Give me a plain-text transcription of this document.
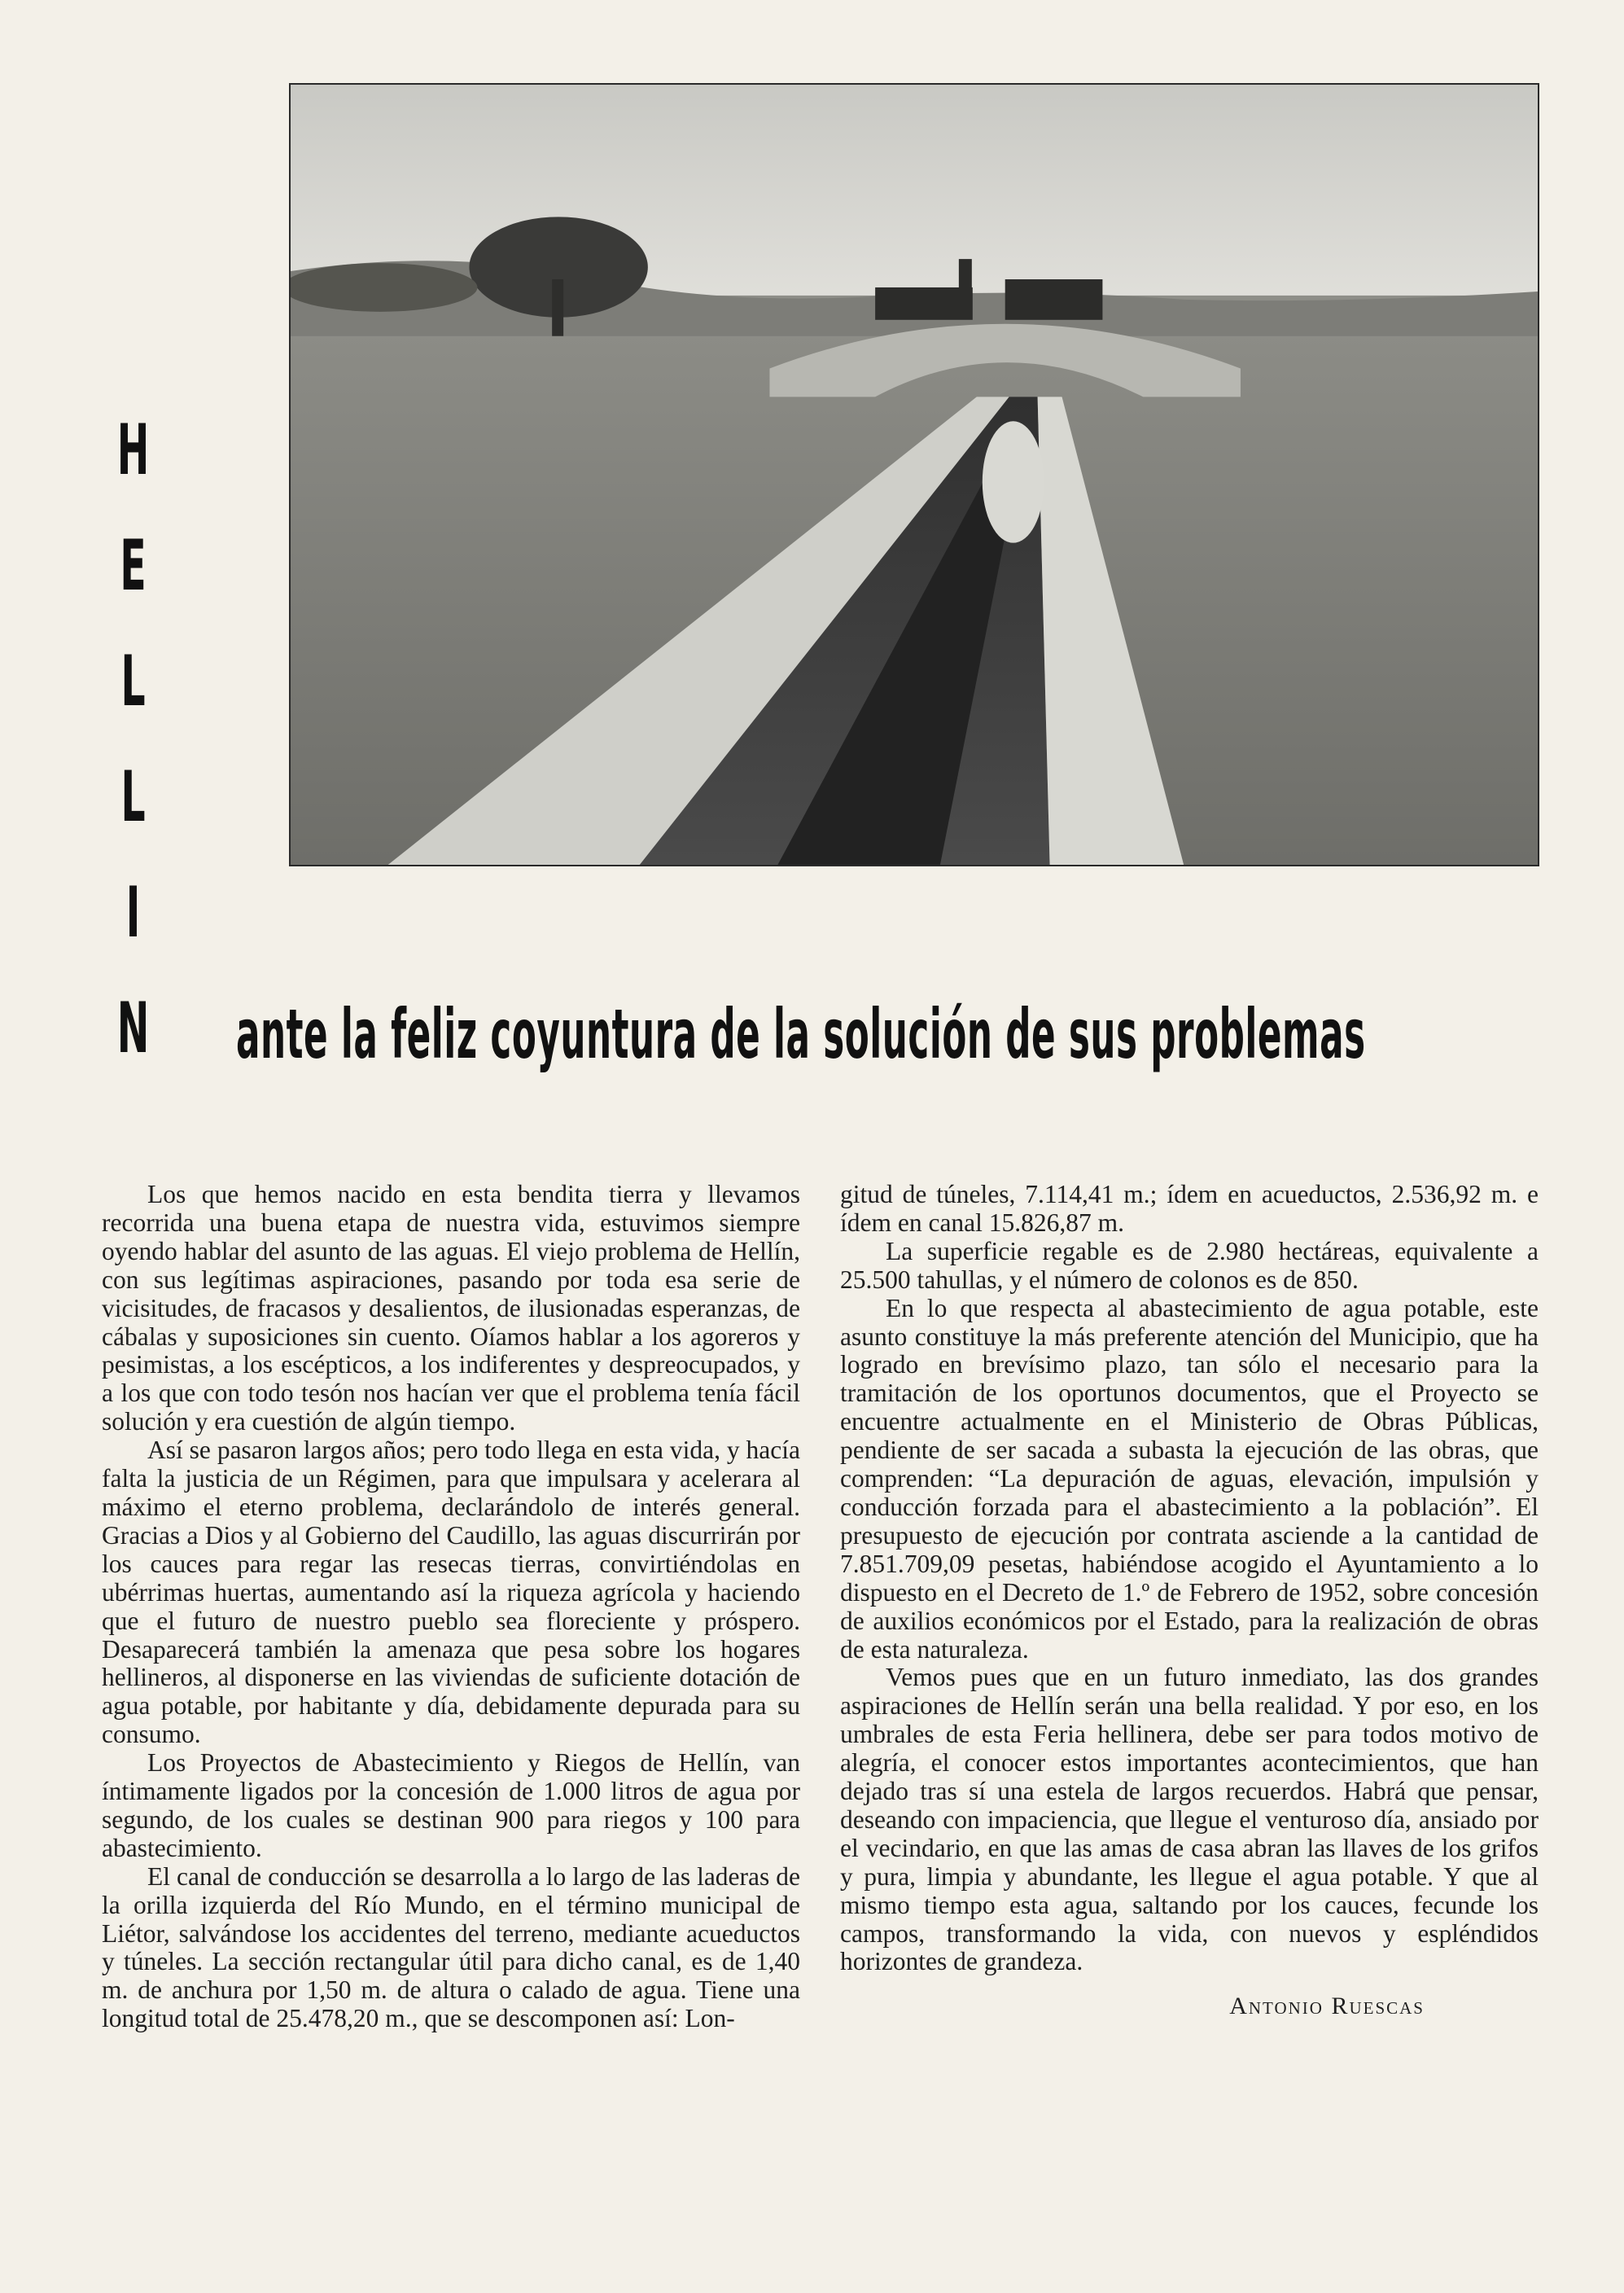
H
E
L
L
I
N ante la feliz coyuntura de la solución de sus problemas

Los que hemos nacido en esta bendita tierra y llevamos recorrida una buena etapa de nuestra vida, estuvimos siempre oyendo hablar del asunto de las aguas. El viejo problema de Hellín, con sus legítimas aspiraciones, pasando por toda esa serie de vicisitudes, de fracasos y desalientos, de ilusionadas esperanzas, de cábalas y suposiciones sin cuento. Oíamos hablar a los agoreros y pesimistas, a los escépticos, a los indiferentes y despreocupados, y a los que con todo tesón nos hacían ver que el problema tenía fácil solución y era cuestión de algún tiempo.

Así se pasaron largos años; pero todo llega en esta vida, y hacía falta la justicia de un Régimen, para que impulsara y acelerara al máximo el eterno problema, declarándolo de interés general. Gracias a Dios y al Gobierno del Caudillo, las aguas discurrirán por los cauces para regar las resecas tierras, convirtiéndolas en ubérrimas huertas, aumentando así la riqueza agrícola y haciendo que el futuro de nuestro pueblo sea floreciente y próspero. Desaparecerá también la amenaza que pesa sobre los hogares hellineros, al disponerse en las viviendas de suficiente dotación de agua potable, por habitante y día, debidamente depurada para su consumo.

Los Proyectos de Abastecimiento y Riegos de Hellín, van íntimamente ligados por la concesión de 1.000 litros de agua por segundo, de los cuales se destinan 900 para riegos y 100 para abastecimiento.

El canal de conducción se desarrolla a lo largo de las laderas de la orilla izquierda del Río Mundo, en el término municipal de Liétor, salvándose los accidentes del terreno, mediante acueductos y túneles. La sección rectangular útil para dicho canal, es de 1,40 m. de anchura por 1,50 m. de altura o calado de agua. Tiene una longitud total de 25.478,20 m., que se descomponen así: Lon-

gitud de túneles, 7.114,41 m.; ídem en acueductos, 2.536,92 m. e ídem en canal 15.826,87 m.

La superficie regable es de 2.980 hectáreas, equivalente a 25.500 tahullas, y el número de colonos es de 850.

En lo que respecta al abastecimiento de agua potable, este asunto constituye la más preferente atención del Municipio, que ha logrado en brevísimo plazo, tan sólo el necesario para la tramitación de los oportunos documentos, que el Proyecto se encuentre actualmente en el Ministerio de Obras Públicas, pendiente de ser sacada a subasta la ejecución de las obras, que comprenden: “La depuración de aguas, elevación, impulsión y conducción forzada para el abastecimiento a la población”. El presupuesto de ejecución por contrata asciende a la cantidad de 7.851.709,09 pesetas, habiéndose acogido el Ayuntamiento a lo dispuesto en el Decreto de 1.º de Febrero de 1952, sobre concesión de auxilios económicos por el Estado, para la realización de obras de esta naturaleza.

Vemos pues que en un futuro inmediato, las dos grandes aspiraciones de Hellín serán una bella realidad. Y por eso, en los umbrales de esta Feria hellinera, debe ser para todos motivo de alegría, el conocer estos importantes acontecimientos, que han dejado tras sí una estela de largos recuerdos. Habrá que pensar, deseando con impaciencia, que llegue el venturoso día, ansiado por el vecindario, en que las amas de casa abran las llaves de los grifos y pura, limpia y abundante, les llegue el agua potable. Y que al mismo tiempo esta agua, saltando por los cauces, fecunde los campos, transformando la vida, con nuevos y espléndidos horizontes de grandeza.

Antonio Ruescas
